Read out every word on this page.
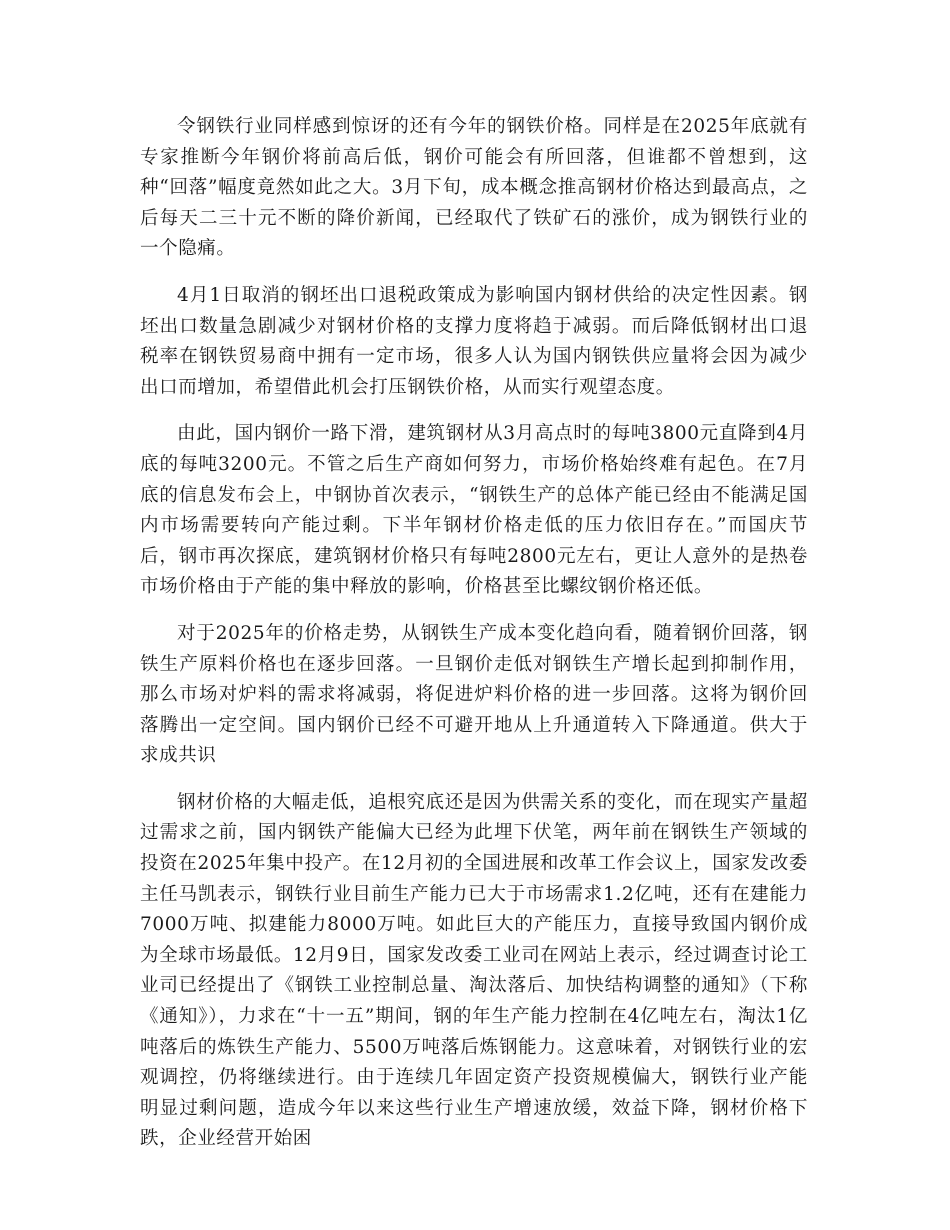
令钢铁行业同样感到惊讶的还有今年的钢铁价格。同样是在2025年底就有专家推断今年钢价将前高后低，钢价可能会有所回落，但谁都不曾想到，这种“回落”幅度竟然如此之大。3月下旬，成本概念推高钢材价格达到最高点，之后每天二三十元不断的降价新闻，已经取代了铁矿石的涨价，成为钢铁行业的一个隐痛。

4月1日取消的钢坯出口退税政策成为影响国内钢材供给的决定性因素。钢坯出口数量急剧减少对钢材价格的支撑力度将趋于减弱。而后降低钢材出口退税率在钢铁贸易商中拥有一定市场，很多人认为国内钢铁供应量将会因为减少出口而增加，希望借此机会打压钢铁价格，从而实行观望态度。

由此，国内钢价一路下滑，建筑钢材从3月高点时的每吨3800元直降到4月底的每吨3200元。不管之后生产商如何努力，市场价格始终难有起色。在7月底的信息发布会上，中钢协首次表示，“钢铁生产的总体产能已经由不能满足国内市场需要转向产能过剩。下半年钢材价格走低的压力依旧存在。”而国庆节后，钢市再次探底，建筑钢材价格只有每吨2800元左右，更让人意外的是热卷市场价格由于产能的集中释放的影响，价格甚至比螺纹钢价格还低。

对于2025年的价格走势，从钢铁生产成本变化趋向看，随着钢价回落，钢铁生产原料价格也在逐步回落。一旦钢价走低对钢铁生产增长起到抑制作用，那么市场对炉料的需求将减弱，将促进炉料价格的进一步回落。这将为钢价回落腾出一定空间。国内钢价已经不可避开地从上升通道转入下降通道。供大于求成共识

钢材价格的大幅走低，追根究底还是因为供需关系的变化，而在现实产量超过需求之前，国内钢铁产能偏大已经为此埋下伏笔，两年前在钢铁生产领域的投资在2025年集中投产。在12月初的全国进展和改革工作会议上，国家发改委主任马凯表示，钢铁行业目前生产能力已大于市场需求1.2亿吨，还有在建能力7000万吨、拟建能力8000万吨。如此巨大的产能压力，直接导致国内钢价成为全球市场最低。12月9日，国家发改委工业司在网站上表示，经过调查讨论工业司已经提出了《钢铁工业控制总量、淘汰落后、加快结构调整的通知》（下称《通知》），力求在“十一五”期间，钢的年生产能力控制在4亿吨左右，淘汰1亿吨落后的炼铁生产能力、5500万吨落后炼钢能力。这意味着，对钢铁行业的宏观调控，仍将继续进行。由于连续几年固定资产投资规模偏大，钢铁行业产能明显过剩问题，造成今年以来这些行业生产增速放缓，效益下降，钢材价格下跌，企业经营开始困
